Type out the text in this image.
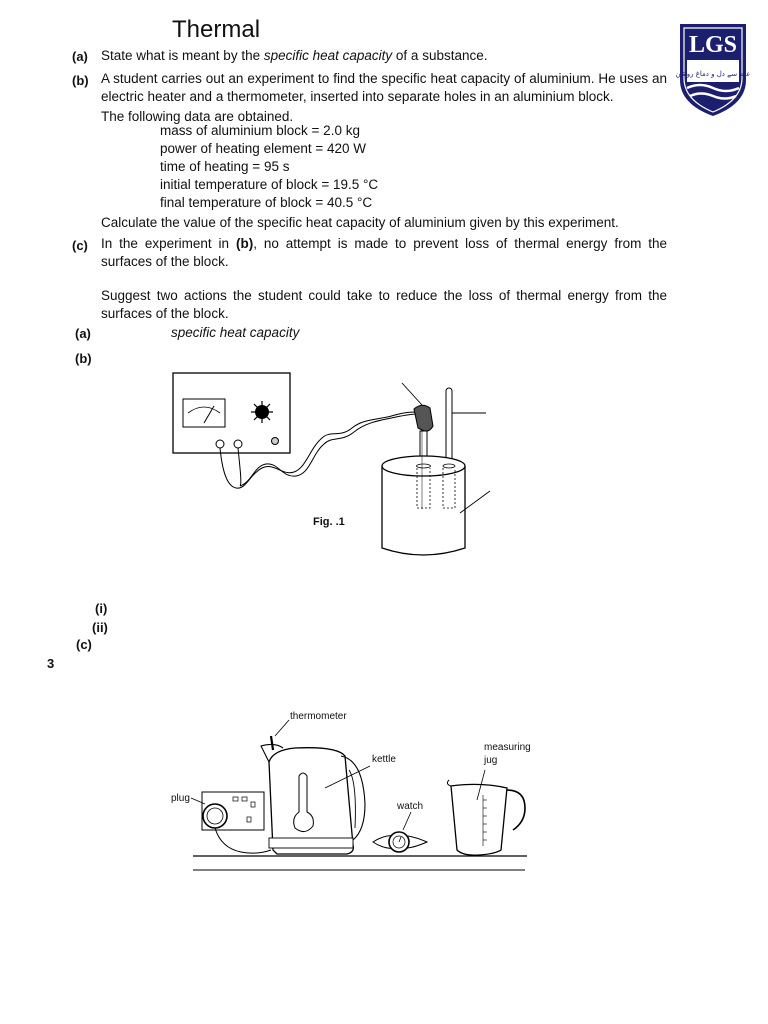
Thermal
LGS
علم سے دل و دماغ روشن
(a) State what is meant by the specific heat capacity of a substance.
(b) A student carries out an experiment to find the specific heat capacity of aluminium. He uses an electric heater and a thermometer, inserted into separate holes in an aluminium block.
The following data are obtained.
mass of aluminium block = 2.0 kg
power of heating element = 420 W
time of heating = 95 s
initial temperature of block = 19.5 °C
final temperature of block = 40.5 °C
Calculate the value of the specific heat capacity of aluminium given by this experiment.
(c) In the experiment in (b), no attempt is made to prevent loss of thermal energy from the surfaces of the block.
Suggest two actions the student could take to reduce the loss of thermal energy from the surfaces of the block.
(a)	specific heat capacity
(b)
Fig. .1
(i)
(ii)
(c)
3
thermometer
kettle
measuring
jug
plug
watch
